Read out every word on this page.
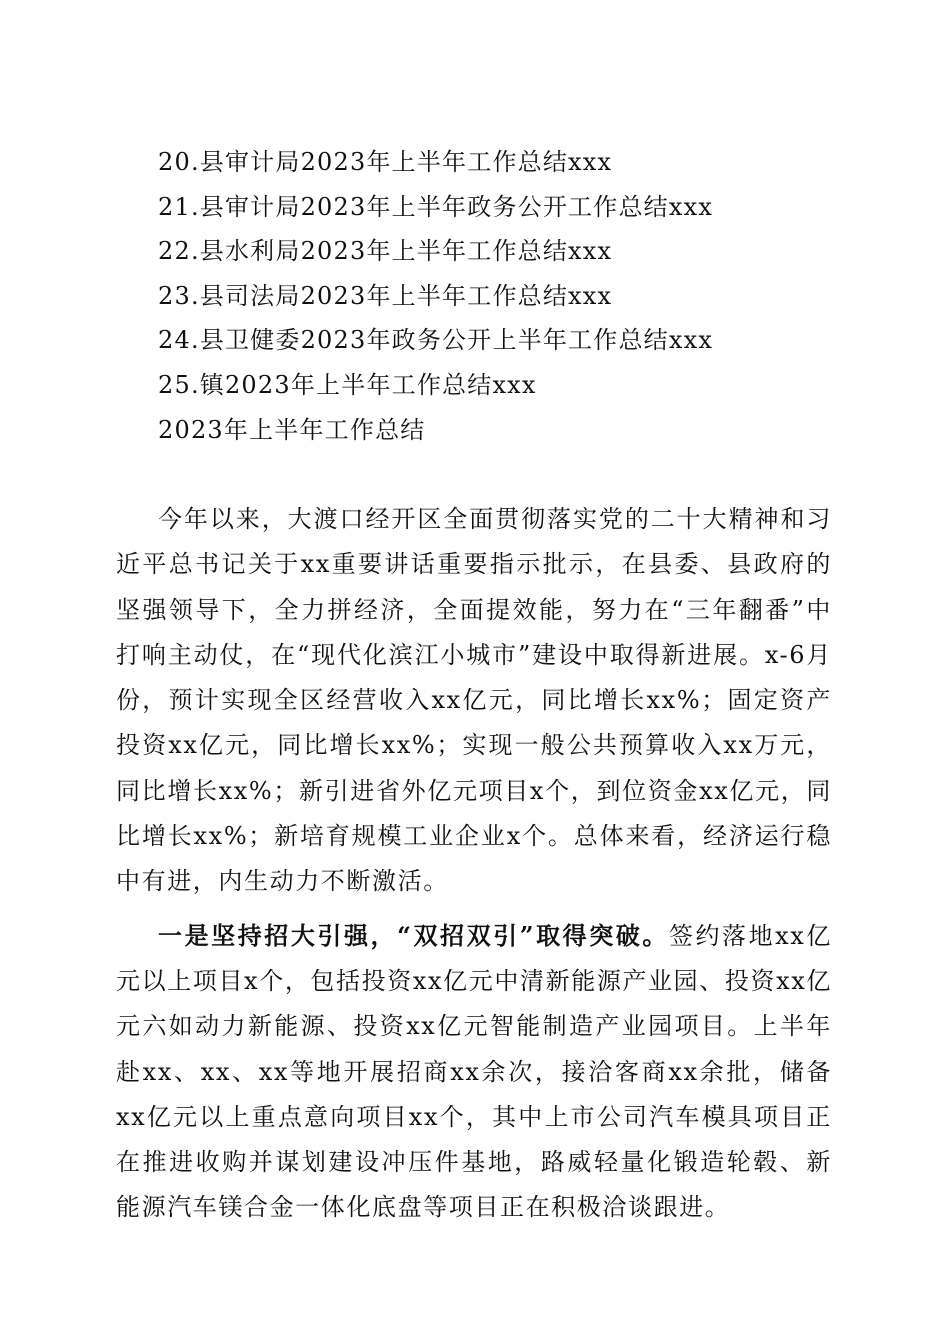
20.县审计局2023年上半年工作总结xxx
21.县审计局2023年上半年政务公开工作总结xxx
22.县水利局2023年上半年工作总结xxx
23.县司法局2023年上半年工作总结xxx
24.县卫健委2023年政务公开上半年工作总结xxx
25.镇2023年上半年工作总结xxx
2023年上半年工作总结

今年以来，大渡口经开区全面贯彻落实党的二十大精神和习近平总书记关于xx重要讲话重要指示批示，在县委、县政府的坚强领导下，全力拼经济，全面提效能，努力在“三年翻番”中打响主动仗，在“现代化滨江小城市”建设中取得新进展。x-6月份，预计实现全区经营收入xx亿元，同比增长xx%；固定资产投资xx亿元，同比增长xx%；实现一般公共预算收入xx万元，同比增长xx%；新引进省外亿元项目x个，到位资金xx亿元，同比增长xx%；新培育规模工业企业x个。总体来看，经济运行稳中有进，内生动力不断激活。

一是坚持招大引强，“双招双引”取得突破。签约落地xx亿元以上项目x个，包括投资xx亿元中清新能源产业园、投资xx亿元六如动力新能源、投资xx亿元智能制造产业园项目。上半年赴xx、xx、xx等地开展招商xx余次，接洽客商xx余批，储备xx亿元以上重点意向项目xx个，其中上市公司汽车模具项目正在推进收购并谋划建设冲压件基地，路威轻量化锻造轮毂、新能源汽车镁合金一体化底盘等项目正在积极洽谈跟进。
